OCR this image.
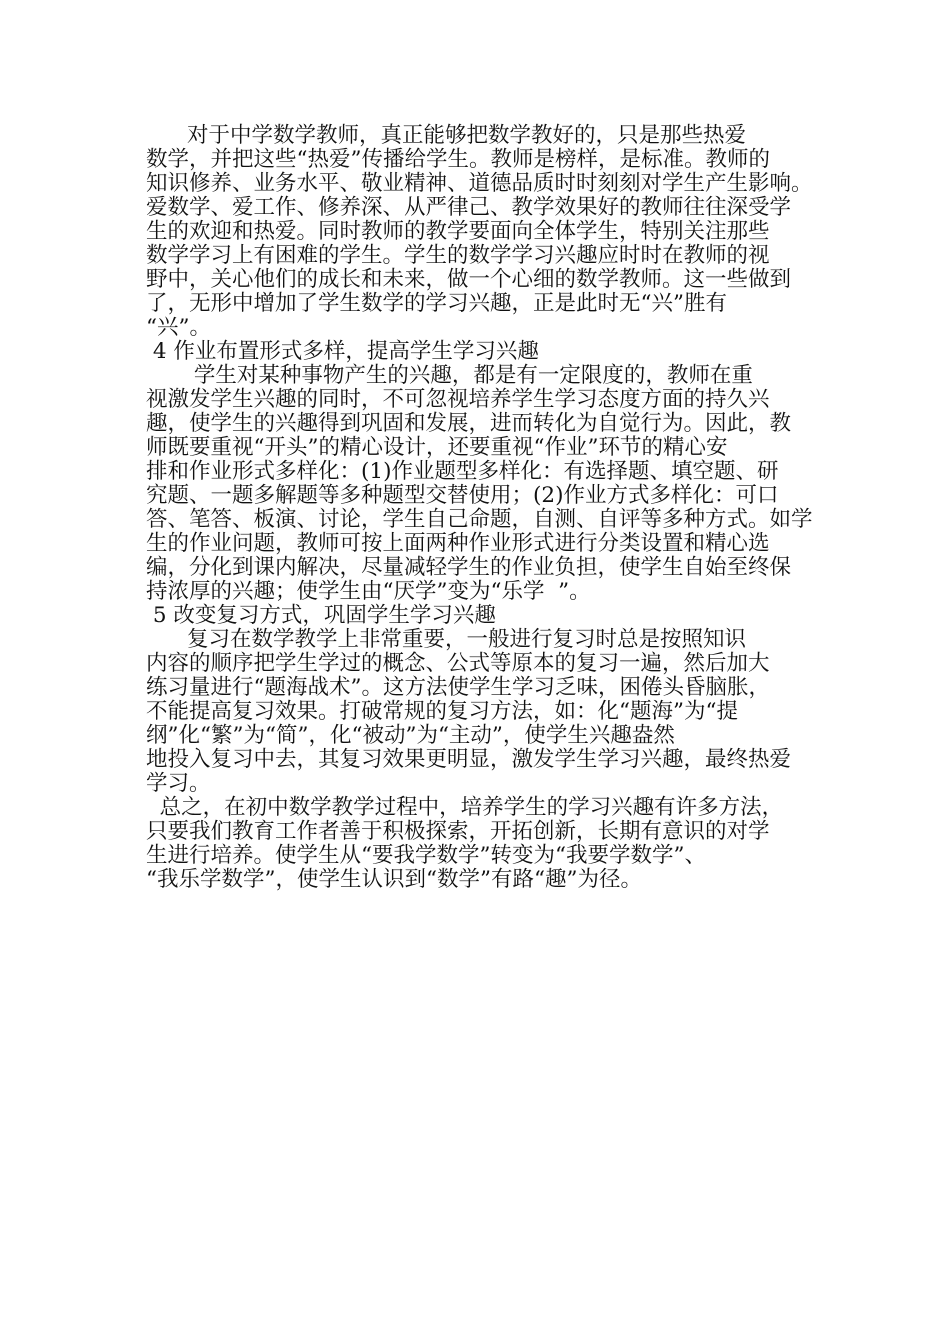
对于中学数学教师，真正能够把数学教好的，只是那些热爱
数学，并把这些“热爱”传播给学生。教师是榜样，是标准。教师的
知识修养、业务水平、敬业精神、道德品质时时刻刻对学生产生影响。
爱数学、爱工作、修养深、从严律己、教学效果好的教师往往深受学
生的欢迎和热爱。同时教师的教学要面向全体学生，特别关注那些
数学学习上有困难的学生。学生的数学学习兴趣应时时在教师的视
野中，关心他们的成长和未来，做一个心细的数学教师。这一些做到
了，无形中增加了学生数学的学习兴趣，正是此时无“兴”胜有
“兴”。
4 作业布置形式多样，提高学生学习兴趣
学生对某种事物产生的兴趣，都是有一定限度的，教师在重
视激发学生兴趣的同时，不可忽视培养学生学习态度方面的持久兴
趣，使学生的兴趣得到巩固和发展，进而转化为自觉行为。因此，教
师既要重视“开头”的精心设计，还要重视“作业”环节的精心安
排和作业形式多样化：(1)作业题型多样化：有选择题、填空题、研
究题、一题多解题等多种题型交替使用；(2)作业方式多样化：可口
答、笔答、板演、讨论，学生自己命题，自测、自评等多种方式。如学
生的作业问题，教师可按上面两种作业形式进行分类设置和精心选
编，分化到课内解决，尽量减轻学生的作业负担，使学生自始至终保
持浓厚的兴趣；使学生由“厌学”变为“乐学  ”。
5 改变复习方式，巩固学生学习兴趣
复习在数学教学上非常重要，一般进行复习时总是按照知识
内容的顺序把学生学过的概念、公式等原本的复习一遍，然后加大
练习量进行“题海战术”。这方法使学生学习乏味，困倦头昏脑胀，
不能提高复习效果。打破常规的复习方法，如：化“题海”为“提
纲”化“繁”为“简”，化“被动”为“主动”，使学生兴趣盎然
地投入复习中去，其复习效果更明显，激发学生学习兴趣，最终热爱
学习。
总之，在初中数学教学过程中，培养学生的学习兴趣有许多方法，
只要我们教育工作者善于积极探索，开拓创新，长期有意识的对学
生进行培养。使学生从“要我学数学”转变为“我要学数学”、
“我乐学数学”，使学生认识到“数学”有路“趣”为径。
